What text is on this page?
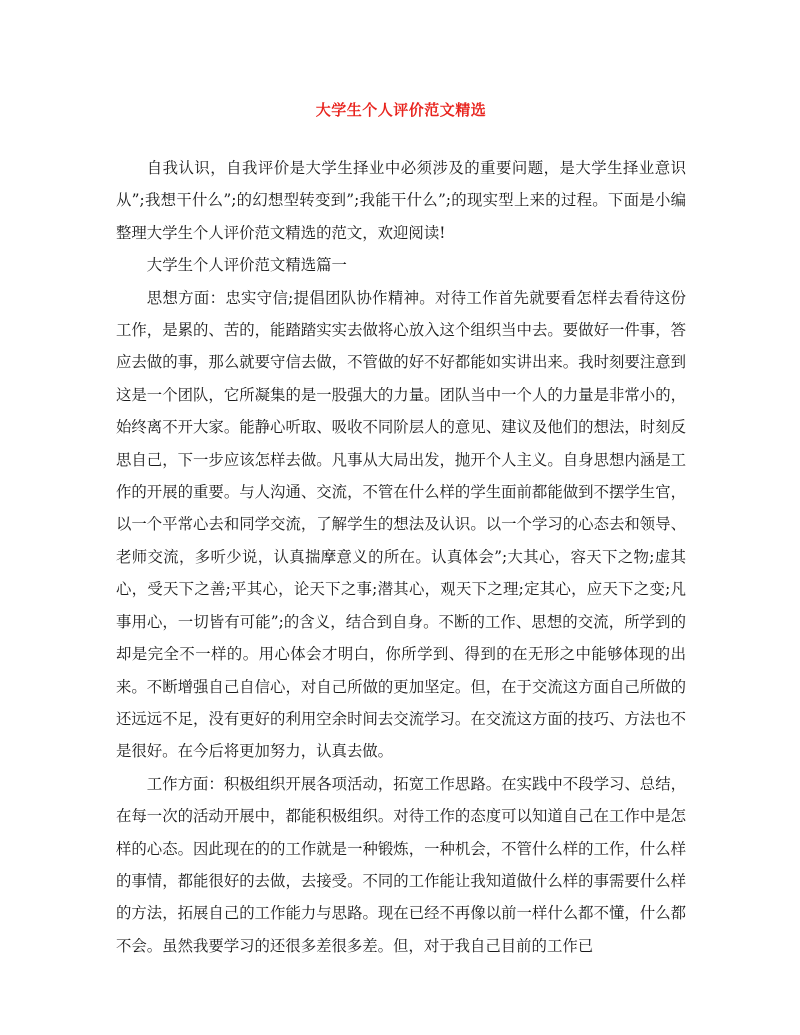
大学生个人评价范文精选

自我认识，自我评价是大学生择业中必须涉及的重要问题，是大学生择业意识从”;我想干什么”;的幻想型转变到”;我能干什么”;的现实型上来的过程。下面是小编整理大学生个人评价范文精选的范文，欢迎阅读!

大学生个人评价范文精选篇一

思想方面：忠实守信;提倡团队协作精神。对待工作首先就要看怎样去看待这份工作，是累的、苦的，能踏踏实实去做将心放入这个组织当中去。要做好一件事，答应去做的事，那么就要守信去做，不管做的好不好都能如实讲出来。我时刻要注意到这是一个团队，它所凝集的是一股强大的力量。团队当中一个人的力量是非常小的，始终离不开大家。能静心听取、吸收不同阶层人的意见、建议及他们的想法，时刻反思自己，下一步应该怎样去做。凡事从大局出发，抛开个人主义。自身思想内涵是工作的开展的重要。与人沟通、交流，不管在什么样的学生面前都能做到不摆学生官，以一个平常心去和同学交流，了解学生的想法及认识。以一个学习的心态去和领导、老师交流，多听少说，认真揣摩意义的所在。认真体会”;大其心，容天下之物;虚其心，受天下之善;平其心，论天下之事;潜其心，观天下之理;定其心，应天下之变;凡事用心，一切皆有可能”;的含义，结合到自身。不断的工作、思想的交流，所学到的却是完全不一样的。用心体会才明白，你所学到、得到的在无形之中能够体现的出来。不断增强自己自信心，对自己所做的更加坚定。但，在于交流这方面自己所做的还远远不足，没有更好的利用空余时间去交流学习。在交流这方面的技巧、方法也不是很好。在今后将更加努力，认真去做。

工作方面：积极组织开展各项活动，拓宽工作思路。在实践中不段学习、总结，在每一次的活动开展中，都能积极组织。对待工作的态度可以知道自己在工作中是怎样的心态。因此现在的的工作就是一种锻炼，一种机会，不管什么样的工作，什么样的事情，都能很好的去做，去接受。不同的工作能让我知道做什么样的事需要什么样的方法，拓展自己的工作能力与思路。现在已经不再像以前一样什么都不懂，什么都不会。虽然我要学习的还很多差很多差。但，对于我自己目前的工作已
